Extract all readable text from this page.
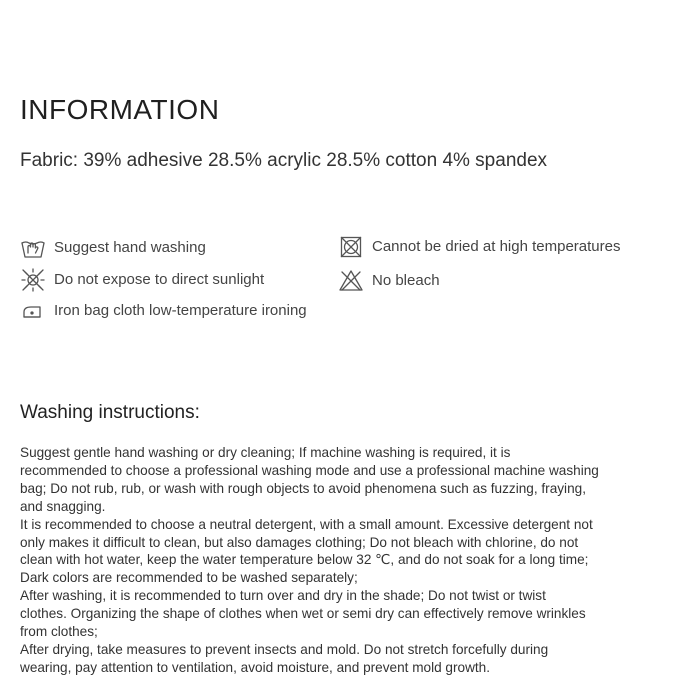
INFORMATION

Fabric: 39% adhesive 28.5% acrylic 28.5% cotton 4% spandex

Suggest hand washing
Do not expose to direct sunlight
Iron bag cloth low-temperature ironing
Cannot be dried at high temperatures
No bleach
Washing instructions:

Suggest gentle hand washing or dry cleaning; If machine washing is required, it is
recommended to choose a professional washing mode and use a professional machine washing
bag; Do not rub, rub, or wash with rough objects to avoid phenomena such as fuzzing, fraying,
and snagging.
It is recommended to choose a neutral detergent, with a small amount. Excessive detergent not
only makes it difficult to clean, but also damages clothing; Do not bleach with chlorine, do not
clean with hot water, keep the water temperature below 32 ℃, and do not soak for a long time;
Dark colors are recommended to be washed separately;
After washing, it is recommended to turn over and dry in the shade; Do not twist or twist
clothes. Organizing the shape of clothes when wet or semi dry can effectively remove wrinkles
from clothes;
After drying, take measures to prevent insects and mold. Do not stretch forcefully during
wearing, pay attention to ventilation, avoid moisture, and prevent mold growth.
